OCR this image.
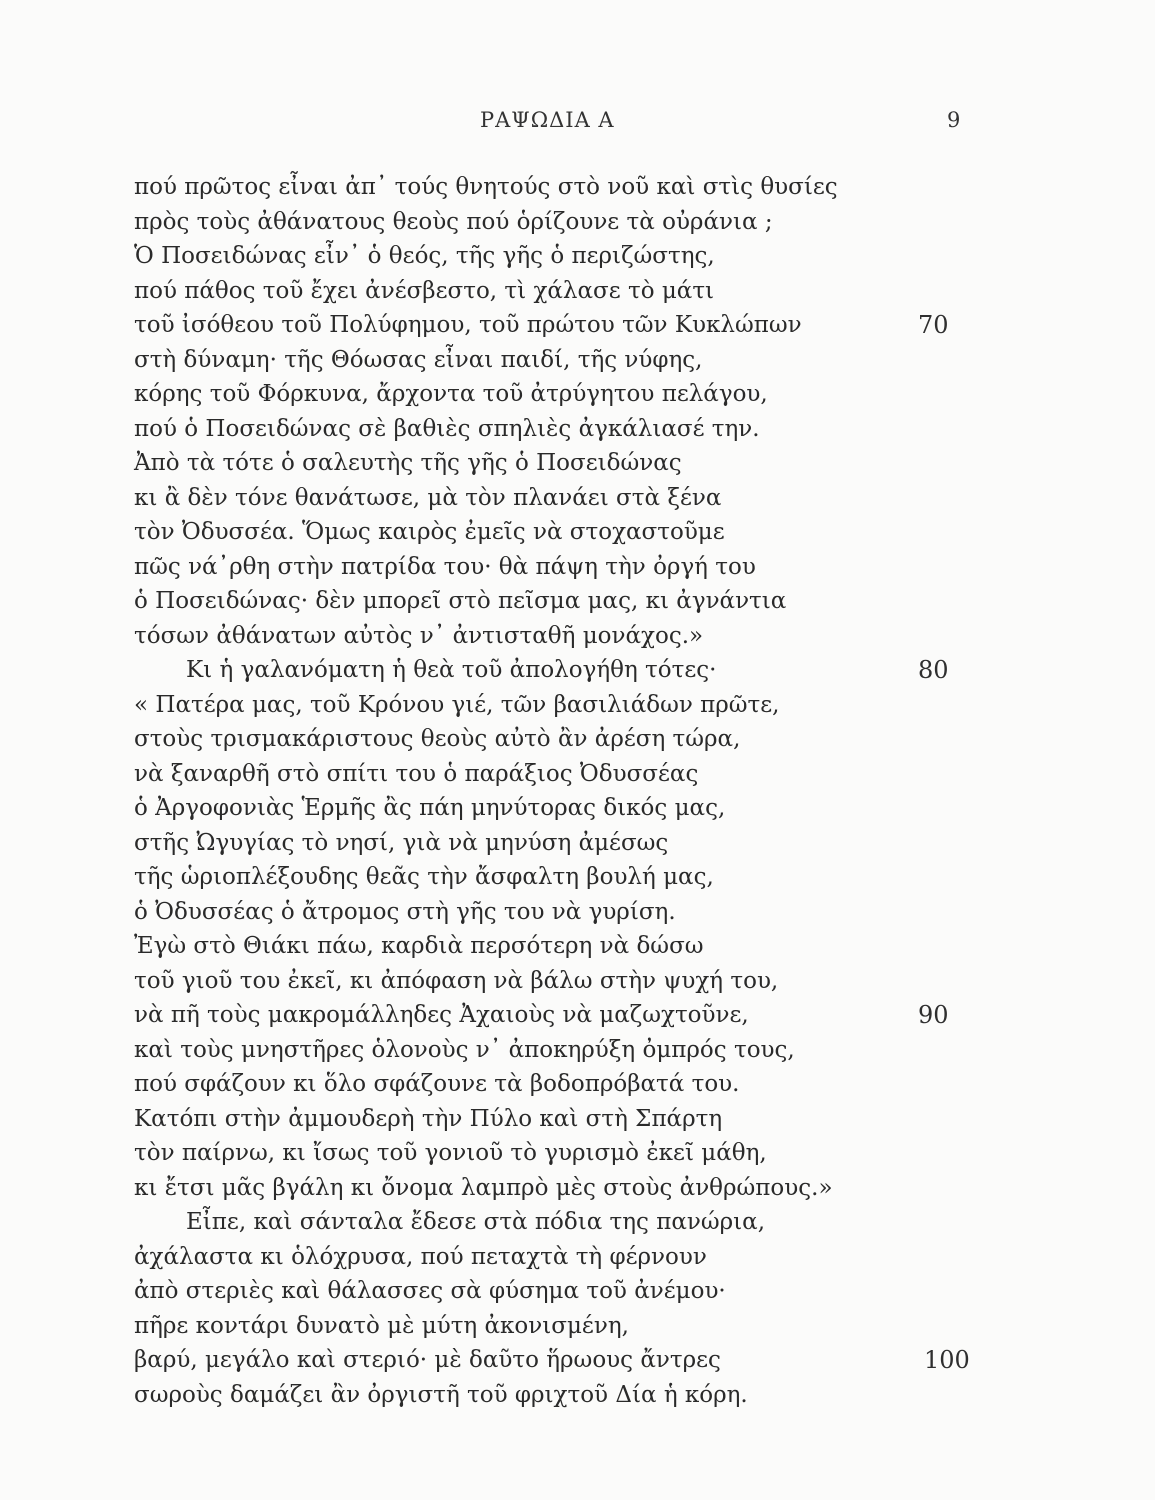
ΡΑΨΩΔΙΑ Α	9
πού πρῶτος εἶναι ἀπ᾽ τούς θνητούς στὸ νοῦ καὶ στὶς θυσίες
πρὸς τοὺς ἀθάνατους θεοὺς πού ὁρίζουνε τὰ οὐράνια ;
Ὁ Ποσειδώνας εἶν᾽ ὁ θεός, τῆς γῆς ὁ περιζώστης,
πού πάθος τοῦ ἔχει ἀνέσβεστο, τὶ χάλασε τὸ μάτι
τοῦ ἰσόθεου τοῦ Πολύφημου, τοῦ πρώτου τῶν Κυκλώπων	70
στὴ δύναμη· τῆς Θόωσας εἶναι παιδί, τῆς νύφης,
κόρης τοῦ Φόρκυνα, ἄρχοντα τοῦ ἀτρύγητου πελάγου,
πού ὁ Ποσειδώνας σὲ βαθιὲς σπηλιὲς ἀγκάλιασέ την.
Ἀπὸ τὰ τότε ὁ σαλευτὴς τῆς γῆς ὁ Ποσειδώνας
κι ἂ δὲν τόνε θανάτωσε, μὰ τὸν πλανάει στὰ ξένα
τὸν Ὀδυσσέα. Ὅμως καιρὸς ἐμεῖς νὰ στοχαστοῦμε
πῶς νά᾽ρθη στὴν πατρίδα του· θὰ πάψη τὴν ὀργή του
ὁ Ποσειδώνας· δὲν μπορεῖ στὸ πεῖσμα μας, κι ἀγνάντια
τόσων ἀθάνατων αὐτὸς ν᾽ ἀντισταθῆ μονάχος.»
Κι ἡ γαλανόματη ἡ θεὰ τοῦ ἀπολογήθη τότες·	80
« Πατέρα μας, τοῦ Κρόνου γιέ, τῶν βασιλιάδων πρῶτε,
στοὺς τρισμακάριστους θεοὺς αὐτὸ ἂν ἀρέση τώρα,
νὰ ξαναρθῆ στὸ σπίτι του ὁ παράξιος Ὀδυσσέας
ὁ Ἀργοφονιὰς Ἑρμῆς ἂς πάη μηνύτορας δικός μας,
στῆς Ὠγυγίας τὸ νησί, γιὰ νὰ μηνύση ἀμέσως
τῆς ὡριοπλέξουδης θεᾶς τὴν ἄσφαλτη βουλή μας,
ὁ Ὀδυσσέας ὁ ἄτρομος στὴ γῆς του νὰ γυρίση.
Ἐγὼ στὸ Θιάκι πάω, καρδιὰ περσότερη νὰ δώσω
τοῦ γιοῦ του ἐκεῖ, κι ἀπόφαση νὰ βάλω στὴν ψυχή του,
νὰ πῆ τοὺς μακρομάλληδες Ἀχαιοὺς νὰ μαζωχτοῦνε,	90
καὶ τοὺς μνηστῆρες ὁλονοὺς ν᾽ ἀποκηρύξη ὀμπρός τους,
πού σφάζουν κι ὅλο σφάζουνε τὰ βοδοπρόβατά του.
Κατόπι στὴν ἀμμουδερὴ τὴν Πύλο καὶ στὴ Σπάρτη
τὸν παίρνω, κι ἴσως τοῦ γονιοῦ τὸ γυρισμὸ ἐκεῖ μάθη,
κι ἔτσι μᾶς βγάλη κι ὄνομα λαμπρὸ μὲς στοὺς ἀνθρώπους.»
Εἶπε, καὶ σάνταλα ἔδεσε στὰ πόδια της πανώρια,
ἀχάλαστα κι ὁλόχρυσα, πού πεταχτὰ τὴ φέρνουν
ἀπὸ στεριὲς καὶ θάλασσες σὰ φύσημα τοῦ ἀνέμου·
πῆρε κοντάρι δυνατὸ μὲ μύτη ἀκονισμένη,
βαρύ, μεγάλο καὶ στεριό· μὲ δαῦτο ἥρωους ἄντρες	100
σωροὺς δαμάζει ἂν ὀργιστῆ τοῦ φριχτοῦ Δία ἡ κόρη.
